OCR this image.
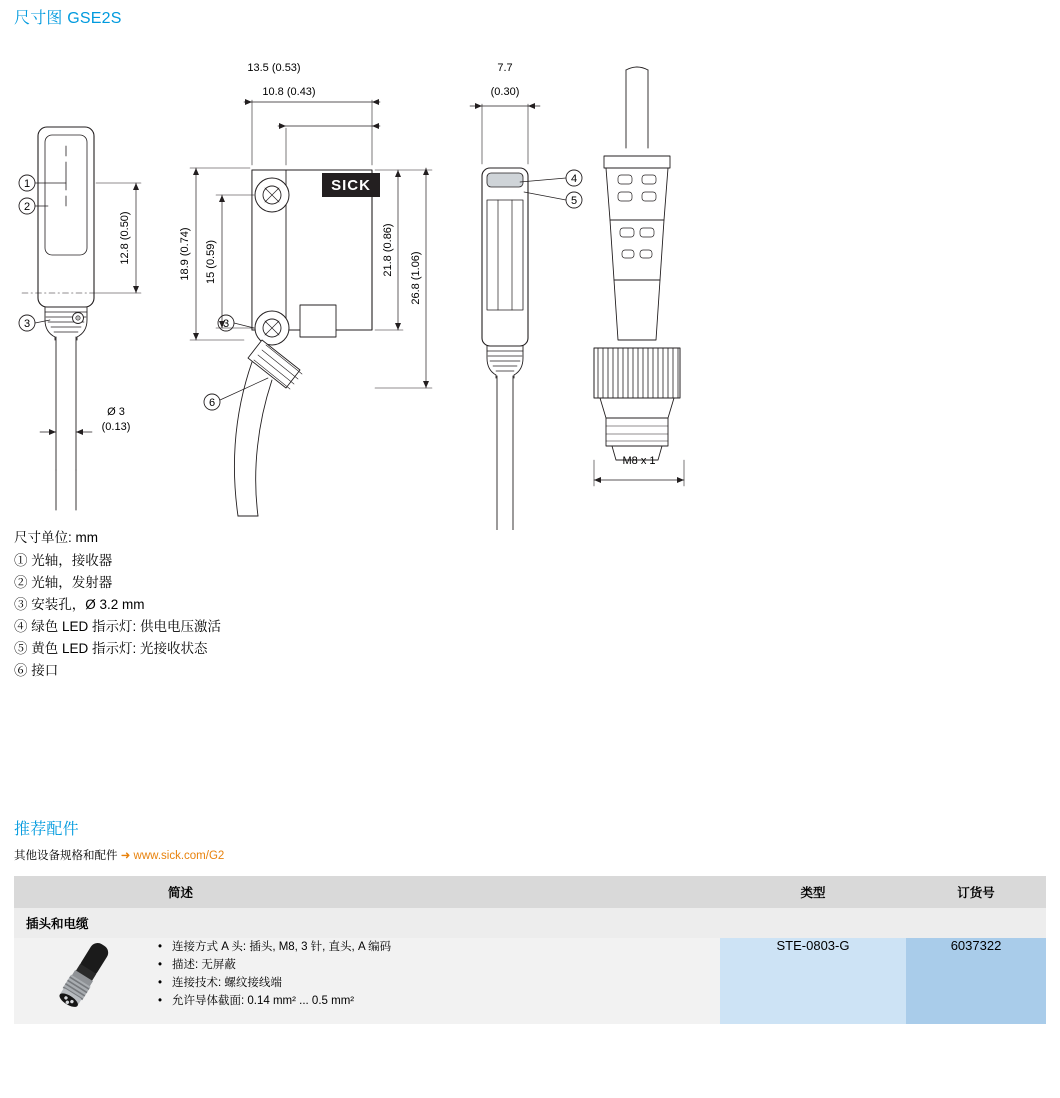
尺寸图 GSE2S
13.5 (0.53)
10.8 (0.43)
12.8 (0.50)	18.9 (0.74) 15 (0.59)	21.8 (0.86)
26.8 (1.06)
7.7
(0.30)
Ø 3
(0.13)
M8 x 1
SICK
1
2
3	3
4
5
6
尺寸单位: mm
① 光轴，接收器
② 光轴，发射器
③ 安装孔，Ø 3.2 mm
④ 绿色 LED 指示灯: 供电电压激活
⑤ 黄色 LED 指示灯: 光接收状态
⑥ 接口
推荐配件
其他设备规格和配件 ➜ www.sick.com/G2
	简述	类型	订货号
插头和电缆			

• 连接方式 A 头: 插头, M8, 3 针, 直头, A 编码
• 描述: 无屏蔽
• 连接技术: 螺纹接线端
• 允许导体截面: 0.14 mm² ... 0.5 mm²
	STE-0803-G	6037322
